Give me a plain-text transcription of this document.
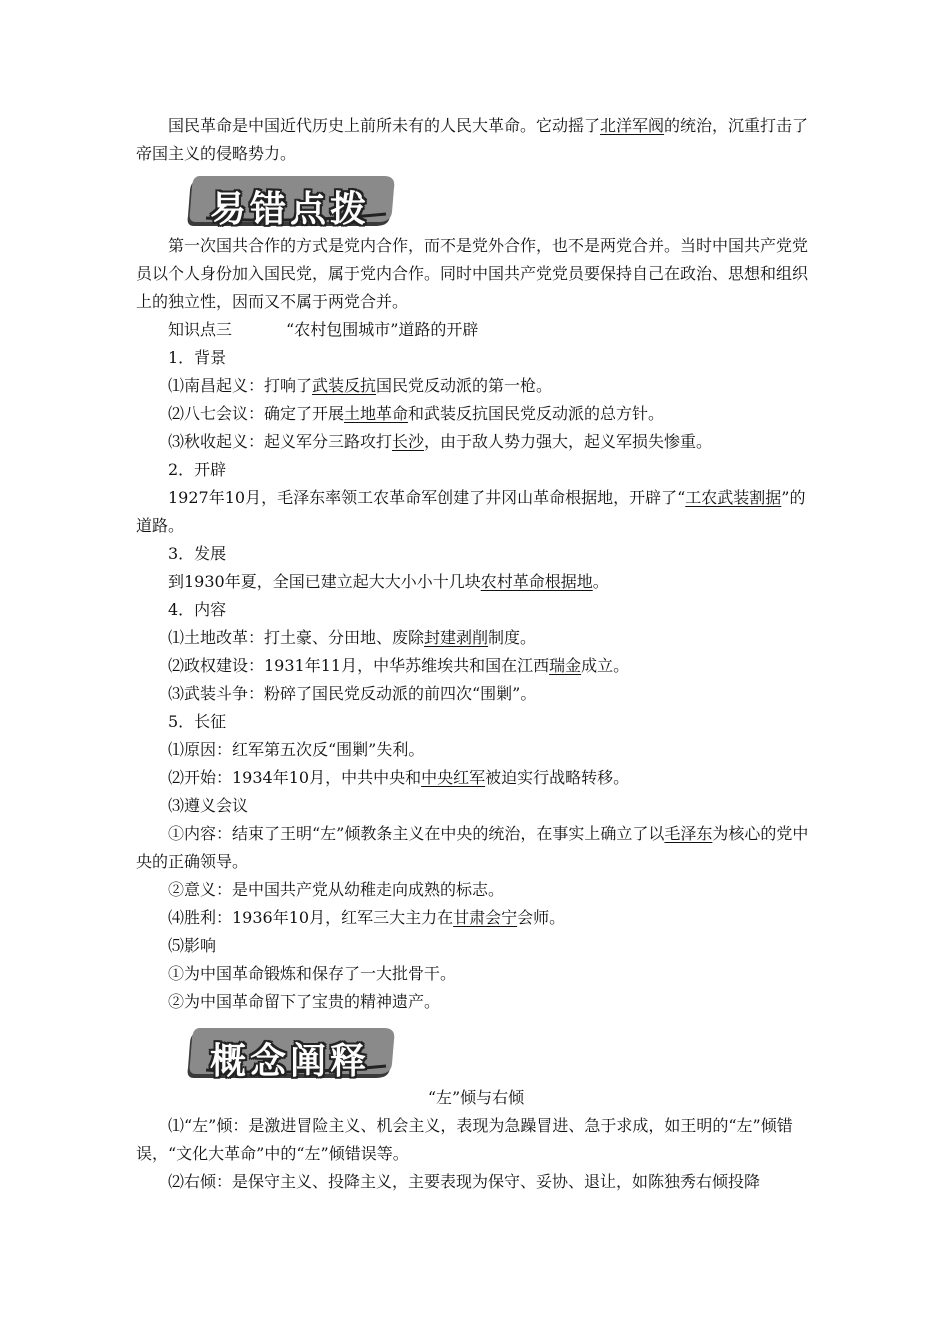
国民革命是中国近代历史上前所未有的人民大革命。它动摇了北洋军阀的统治，沉重打击了帝国主义的侵略势力。

易错点拨

第一次国共合作的方式是党内合作，而不是党外合作，也不是两党合并。当时中国共产党党员以个人身份加入国民党，属于党内合作。同时中国共产党党员要保持自己在政治、思想和组织上的独立性，因而又不属于两党合并。

知识点三	“农村包围城市”道路的开辟

1．背景

⑴南昌起义：打响了武装反抗国民党反动派的第一枪。

⑵八七会议：确定了开展土地革命和武装反抗国民党反动派的总方针。

⑶秋收起义：起义军分三路攻打长沙，由于敌人势力强大，起义军损失惨重。

2．开辟

1927年10月，毛泽东率领工农革命军创建了井冈山革命根据地，开辟了“工农武装割据”的道路。

3．发展

到1930年夏，全国已建立起大大小小十几块农村革命根据地。

4．内容

⑴土地改革：打土豪、分田地、废除封建剥削制度。

⑵政权建设：1931年11月，中华苏维埃共和国在江西瑞金成立。

⑶武装斗争：粉碎了国民党反动派的前四次“围剿”。

5．长征

⑴原因：红军第五次反“围剿”失利。

⑵开始：1934年10月，中共中央和中央红军被迫实行战略转移。

⑶遵义会议

①内容：结束了王明“左”倾教条主义在中央的统治，在事实上确立了以毛泽东为核心的党中央的正确领导。

②意义：是中国共产党从幼稚走向成熟的标志。

⑷胜利：1936年10月，红军三大主力在甘肃会宁会师。

⑸影响

①为中国革命锻炼和保存了一大批骨干。

②为中国革命留下了宝贵的精神遗产。

概念阐释

“左”倾与右倾

⑴“左”倾：是激进冒险主义、机会主义，表现为急躁冒进、急于求成，如王明的“左”倾错误，“文化大革命”中的“左”倾错误等。

⑵右倾：是保守主义、投降主义，主要表现为保守、妥协、退让，如陈独秀右倾投降
